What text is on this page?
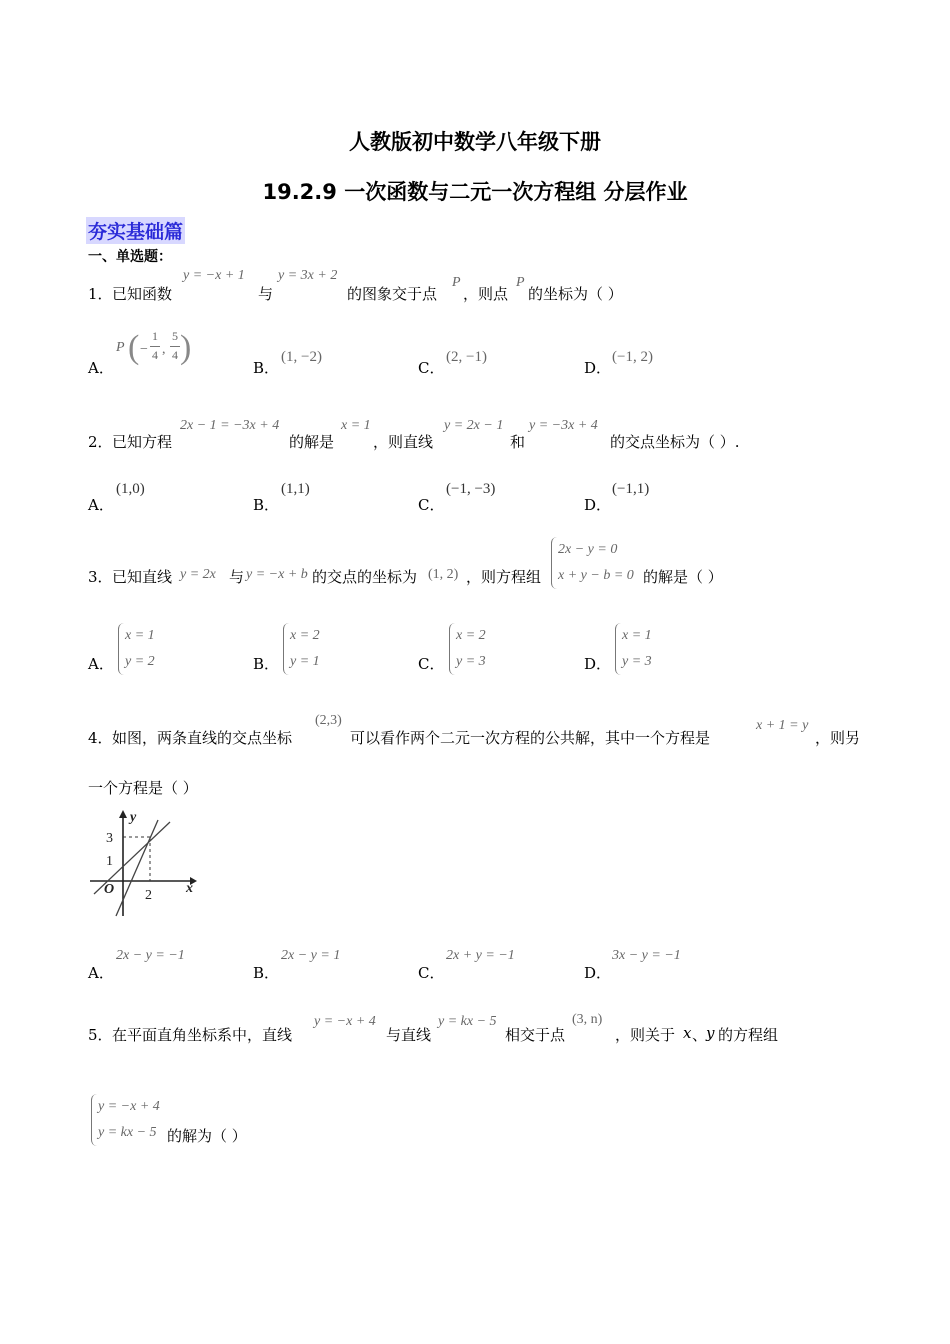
人教版初中数学八年级下册
19.2.9 一次函数与二元一次方程组 分层作业
夯实基础篇
一、单选题：
1． 已知函数
y = −x + 1
与
y = 3x + 2
的图象交于点
P
，则点
P
的坐标为（ ）
A．
P ( −
1
4 ,
5
4 )
B．
(1, −2)
C．
(2, −1)
D．
(−1, 2)
2． 已知方程
2x − 1 = −3x + 4
的解是
x = 1
，则直线
y = 2x − 1
和
y = −3x + 4
的交点坐标为（ ）.
A．
(1,0)
B．
(1,1)
C．
(−1, −3)
D．
(−1,1)
3． 已知直线 y = 2x 与 y = −x + b 的交点的坐标为 (1, 2) ，则方程组
2x − y = 0
x + y − b = 0 的解是（ ）
A．
x = 1
y = 2	B．
x = 2
y = 1	C．
x = 2
y = 3	D．
x = 1
y = 3
4． 如图，两条直线的交点坐标
(2,3)
可以看作两个二元一次方程的公共解，其中一个方程是
x + 1 = y
，则另
一个方程是（ ）
y
x
3
1
O 2
A．
2x − y = −1
B．
2x − y = 1
C．
2x + y = −1
D．
3x − y = −1
5． 在平面直角坐标系中，直线
y = −x + 4
与直线
y = kx − 5
相交于点
(3, n)
，则关于 x 、
y 的方程组
y = −x + 4
y = kx − 5 的解为（ ）
